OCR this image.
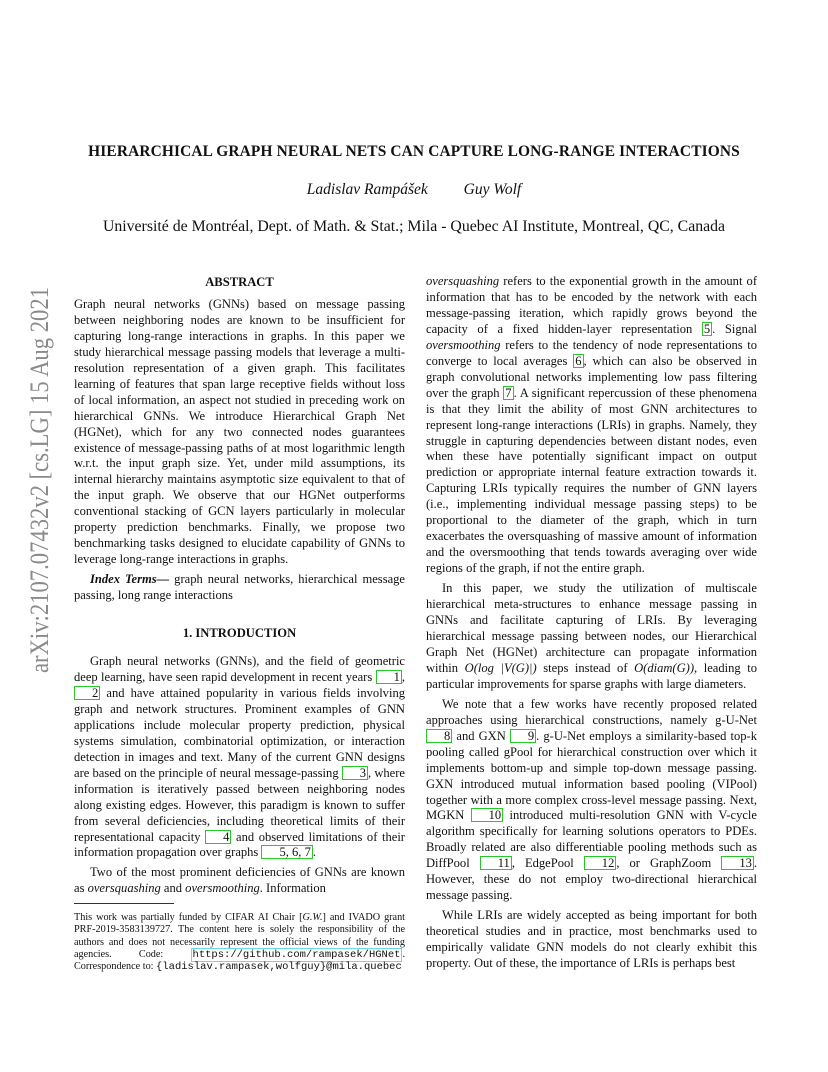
arXiv:2107.07432v2 [cs.LG] 15 Aug 2021
HIERARCHICAL GRAPH NEURAL NETS CAN CAPTURE LONG-RANGE INTERACTIONS
Ladislav Rampášek Guy Wolf
Université de Montréal, Dept. of Math. & Stat.; Mila - Quebec AI Institute, Montreal, QC, Canada
ABSTRACT

Graph neural networks (GNNs) based on message passing between neighboring nodes are known to be insufficient for capturing long-range interactions in graphs. In this paper we study hierarchical message passing models that leverage a multi-resolution representation of a given graph. This facilitates learning of features that span large receptive fields without loss of local information, an aspect not studied in preceding work on hierarchical GNNs. We introduce Hierarchical Graph Net (HGNet), which for any two connected nodes guarantees existence of message-passing paths of at most logarithmic length w.r.t. the input graph size. Yet, under mild assumptions, its internal hierarchy maintains asymptotic size equivalent to that of the input graph. We observe that our HGNet outperforms conventional stacking of GCN layers particularly in molecular property prediction benchmarks. Finally, we propose two benchmarking tasks designed to elucidate capability of GNNs to leverage long-range interactions in graphs.

Index Terms— graph neural networks, hierarchical message passing, long range interactions

1. INTRODUCTION

Graph neural networks (GNNs), and the field of geometric deep learning, have seen rapid development in recent years 1 , 2 and have attained popularity in various fields involving graph and network structures. Prominent examples of GNN applications include molecular property prediction, physical systems simulation, combinatorial optimization, or interaction detection in images and text. Many of the current GNN designs are based on the principle of neural message-passing 3 , where information is iteratively passed between neighboring nodes along existing edges. However, this paradigm is known to suffer from several deficiencies, including theoretical limits of their representational capacity 4 and observed limitations of their information propagation over graphs 5, 6, 7 .

Two of the most prominent deficiencies of GNNs are known as oversquashing and oversmoothing. Information

This work was partially funded by CIFAR AI Chair [G.W.] and IVADO grant PRF-2019-3583139727. The content here is solely the responsibility of the authors and does not necessarily represent the official views of the funding agencies. Code: https://github.com/rampasek/HGNet . Correspondence to: {ladislav.rampasek,wolfguy}@mila.quebec

oversquashing refers to the exponential growth in the amount of information that has to be encoded by the network with each message-passing iteration, which rapidly grows beyond the capacity of a fixed hidden-layer representation 5 . Signal oversmoothing refers to the tendency of node representations to converge to local averages 6 , which can also be observed in graph convolutional networks implementing low pass filtering over the graph 7 . A significant repercussion of these phenomena is that they limit the ability of most GNN architectures to represent long-range interactions (LRIs) in graphs. Namely, they struggle in capturing dependencies between distant nodes, even when these have potentially significant impact on output prediction or appropriate internal feature extraction towards it. Capturing LRIs typically requires the number of GNN layers (i.e., implementing individual message passing steps) to be proportional to the diameter of the graph, which in turn exacerbates the oversquashing of massive amount of information and the oversmoothing that tends towards averaging over wide regions of the graph, if not the entire graph.

In this paper, we study the utilization of multiscale hierarchical meta-structures to enhance message passing in GNNs and facilitate capturing of LRIs. By leveraging hierarchical message passing between nodes, our Hierarchical Graph Net (HGNet) architecture can propagate information within O(log |V(G)|) steps instead of O(diam(G)), leading to particular improvements for sparse graphs with large diameters.

We note that a few works have recently proposed related approaches using hierarchical constructions, namely g-U-Net 8 and GXN 9 . g-U-Net employs a similarity-based top-k pooling called gPool for hierarchical construction over which it implements bottom-up and simple top-down message passing. GXN introduced mutual information based pooling (VIPool) together with a more complex cross-level message passing. Next, MGKN 10 introduced multi-resolution GNN with V-cycle algorithm specifically for learning solutions operators to PDEs. Broadly related are also differentiable pooling methods such as DiffPool 11 , EdgePool 12 , or GraphZoom 13 . However, these do not employ two-directional hierarchical message passing.

While LRIs are widely accepted as being important for both theoretical studies and in practice, most benchmarks used to empirically validate GNN models do not clearly exhibit this property. Out of these, the importance of LRIs is perhaps best
